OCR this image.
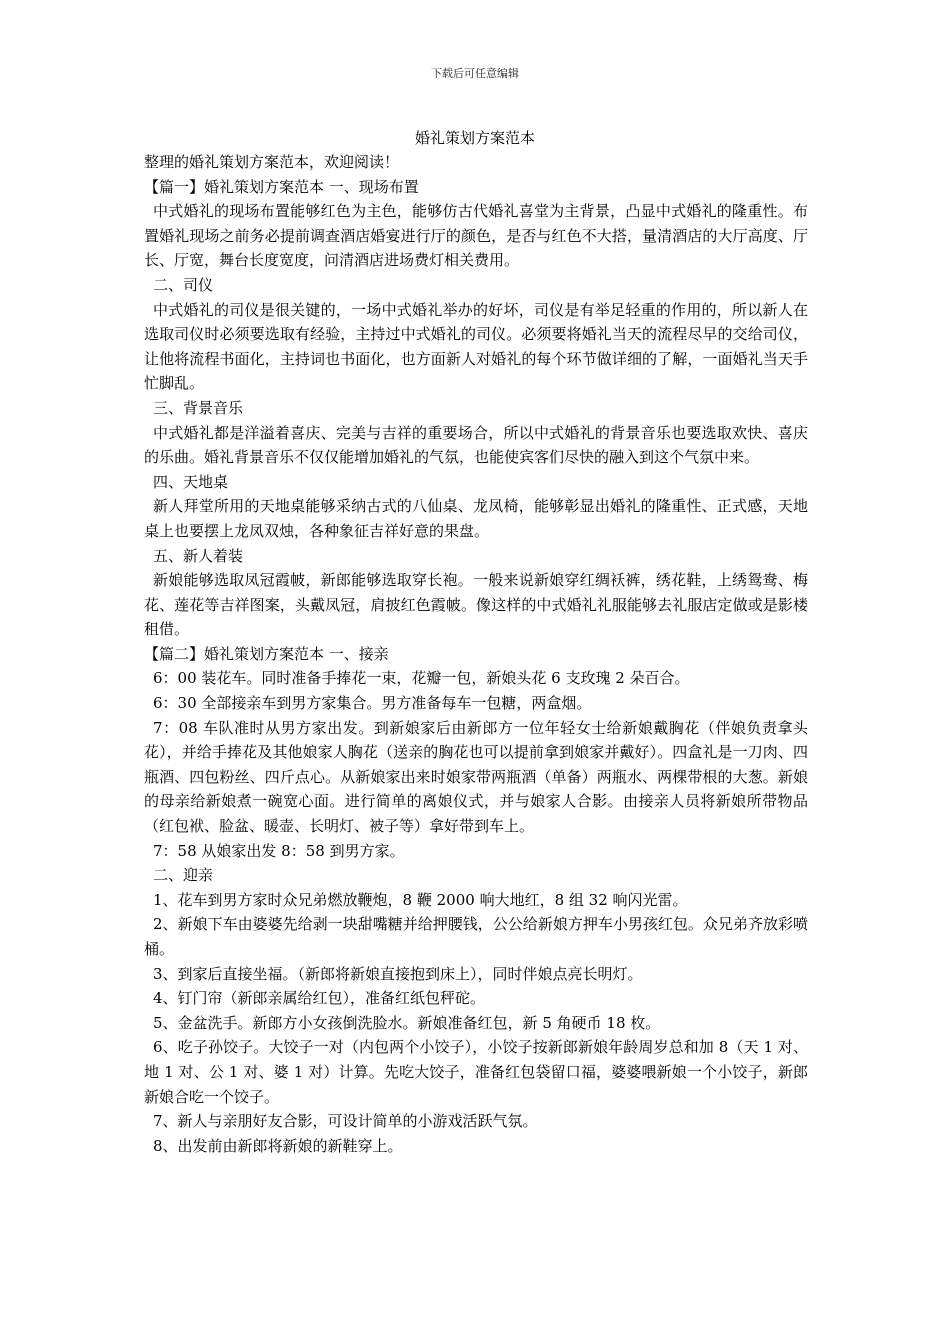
下载后可任意编辑
婚礼策划方案范本

整理的婚礼策划方案范本，欢迎阅读！

【篇一】婚礼策划方案范本 一、现场布置

中式婚礼的现场布置能够红色为主色，能够仿古代婚礼喜堂为主背景，凸显中式婚礼的隆重性。布置婚礼现场之前务必提前调查酒店婚宴进行厅的颜色，是否与红色不大搭，量清酒店的大厅高度、厅长、厅宽，舞台长度宽度，问清酒店进场费灯相关费用。

二、司仪

中式婚礼的司仪是很关键的，一场中式婚礼举办的好坏，司仪是有举足轻重的作用的，所以新人在选取司仪时必须要选取有经验，主持过中式婚礼的司仪。必须要将婚礼当天的流程尽早的交给司仪，让他将流程书面化，主持词也书面化，也方面新人对婚礼的每个环节做详细的了解，一面婚礼当天手忙脚乱。

三、背景音乐

中式婚礼都是洋溢着喜庆、完美与吉祥的重要场合，所以中式婚礼的背景音乐也要选取欢快、喜庆的乐曲。婚礼背景音乐不仅仅能增加婚礼的气氛，也能使宾客们尽快的融入到这个气氛中来。

四、天地桌

新人拜堂所用的天地桌能够采纳古式的八仙桌、龙凤椅，能够彰显出婚礼的隆重性、正式感，天地桌上也要摆上龙凤双烛，各种象征吉祥好意的果盘。

五、新人着装

新娘能够选取凤冠霞帔，新郎能够选取穿长袍。一般来说新娘穿红绸袄裤，绣花鞋，上绣鸳鸯、梅花、莲花等吉祥图案，头戴凤冠，肩披红色霞帔。像这样的中式婚礼礼服能够去礼服店定做或是影楼租借。

【篇二】婚礼策划方案范本 一、接亲

6：00 装花车。同时准备手捧花一束，花瓣一包，新娘头花 6 支玫瑰 2 朵百合。

6：30 全部接亲车到男方家集合。男方准备每车一包糖，两盒烟。

7：08 车队准时从男方家出发。到新娘家后由新郎方一位年轻女士给新娘戴胸花（伴娘负责拿头花），并给手捧花及其他娘家人胸花（送亲的胸花也可以提前拿到娘家并戴好）。四盒礼是一刀肉、四瓶酒、四包粉丝、四斤点心。从新娘家出来时娘家带两瓶酒（单备）两瓶水、两棵带根的大葱。新娘的母亲给新娘煮一碗宽心面。进行简单的离娘仪式，并与娘家人合影。由接亲人员将新娘所带物品（红包袱、脸盆、暖壶、长明灯、被子等）拿好带到车上。

7：58 从娘家出发 8：58 到男方家。

二、迎亲

1、花车到男方家时众兄弟燃放鞭炮，8 鞭 2000 响大地红，8 组 32 响闪光雷。

2、新娘下车由婆婆先给剥一块甜嘴糖并给押腰钱，公公给新娘方押车小男孩红包。众兄弟齐放彩喷桶。

3、到家后直接坐福。（新郎将新娘直接抱到床上），同时伴娘点亮长明灯。

4、钉门帘（新郎亲属给红包），准备红纸包秤砣。

5、金盆洗手。新郎方小女孩倒洗脸水。新娘准备红包，新 5 角硬币 18 枚。

6、吃子孙饺子。大饺子一对（内包两个小饺子），小饺子按新郎新娘年龄周岁总和加 8（天 1 对、地 1 对、公 1 对、婆 1 对）计算。先吃大饺子，准备红包袋留口福，婆婆喂新娘一个小饺子，新郎新娘合吃一个饺子。

7、新人与亲朋好友合影，可设计简单的小游戏活跃气氛。

8、出发前由新郎将新娘的新鞋穿上。
